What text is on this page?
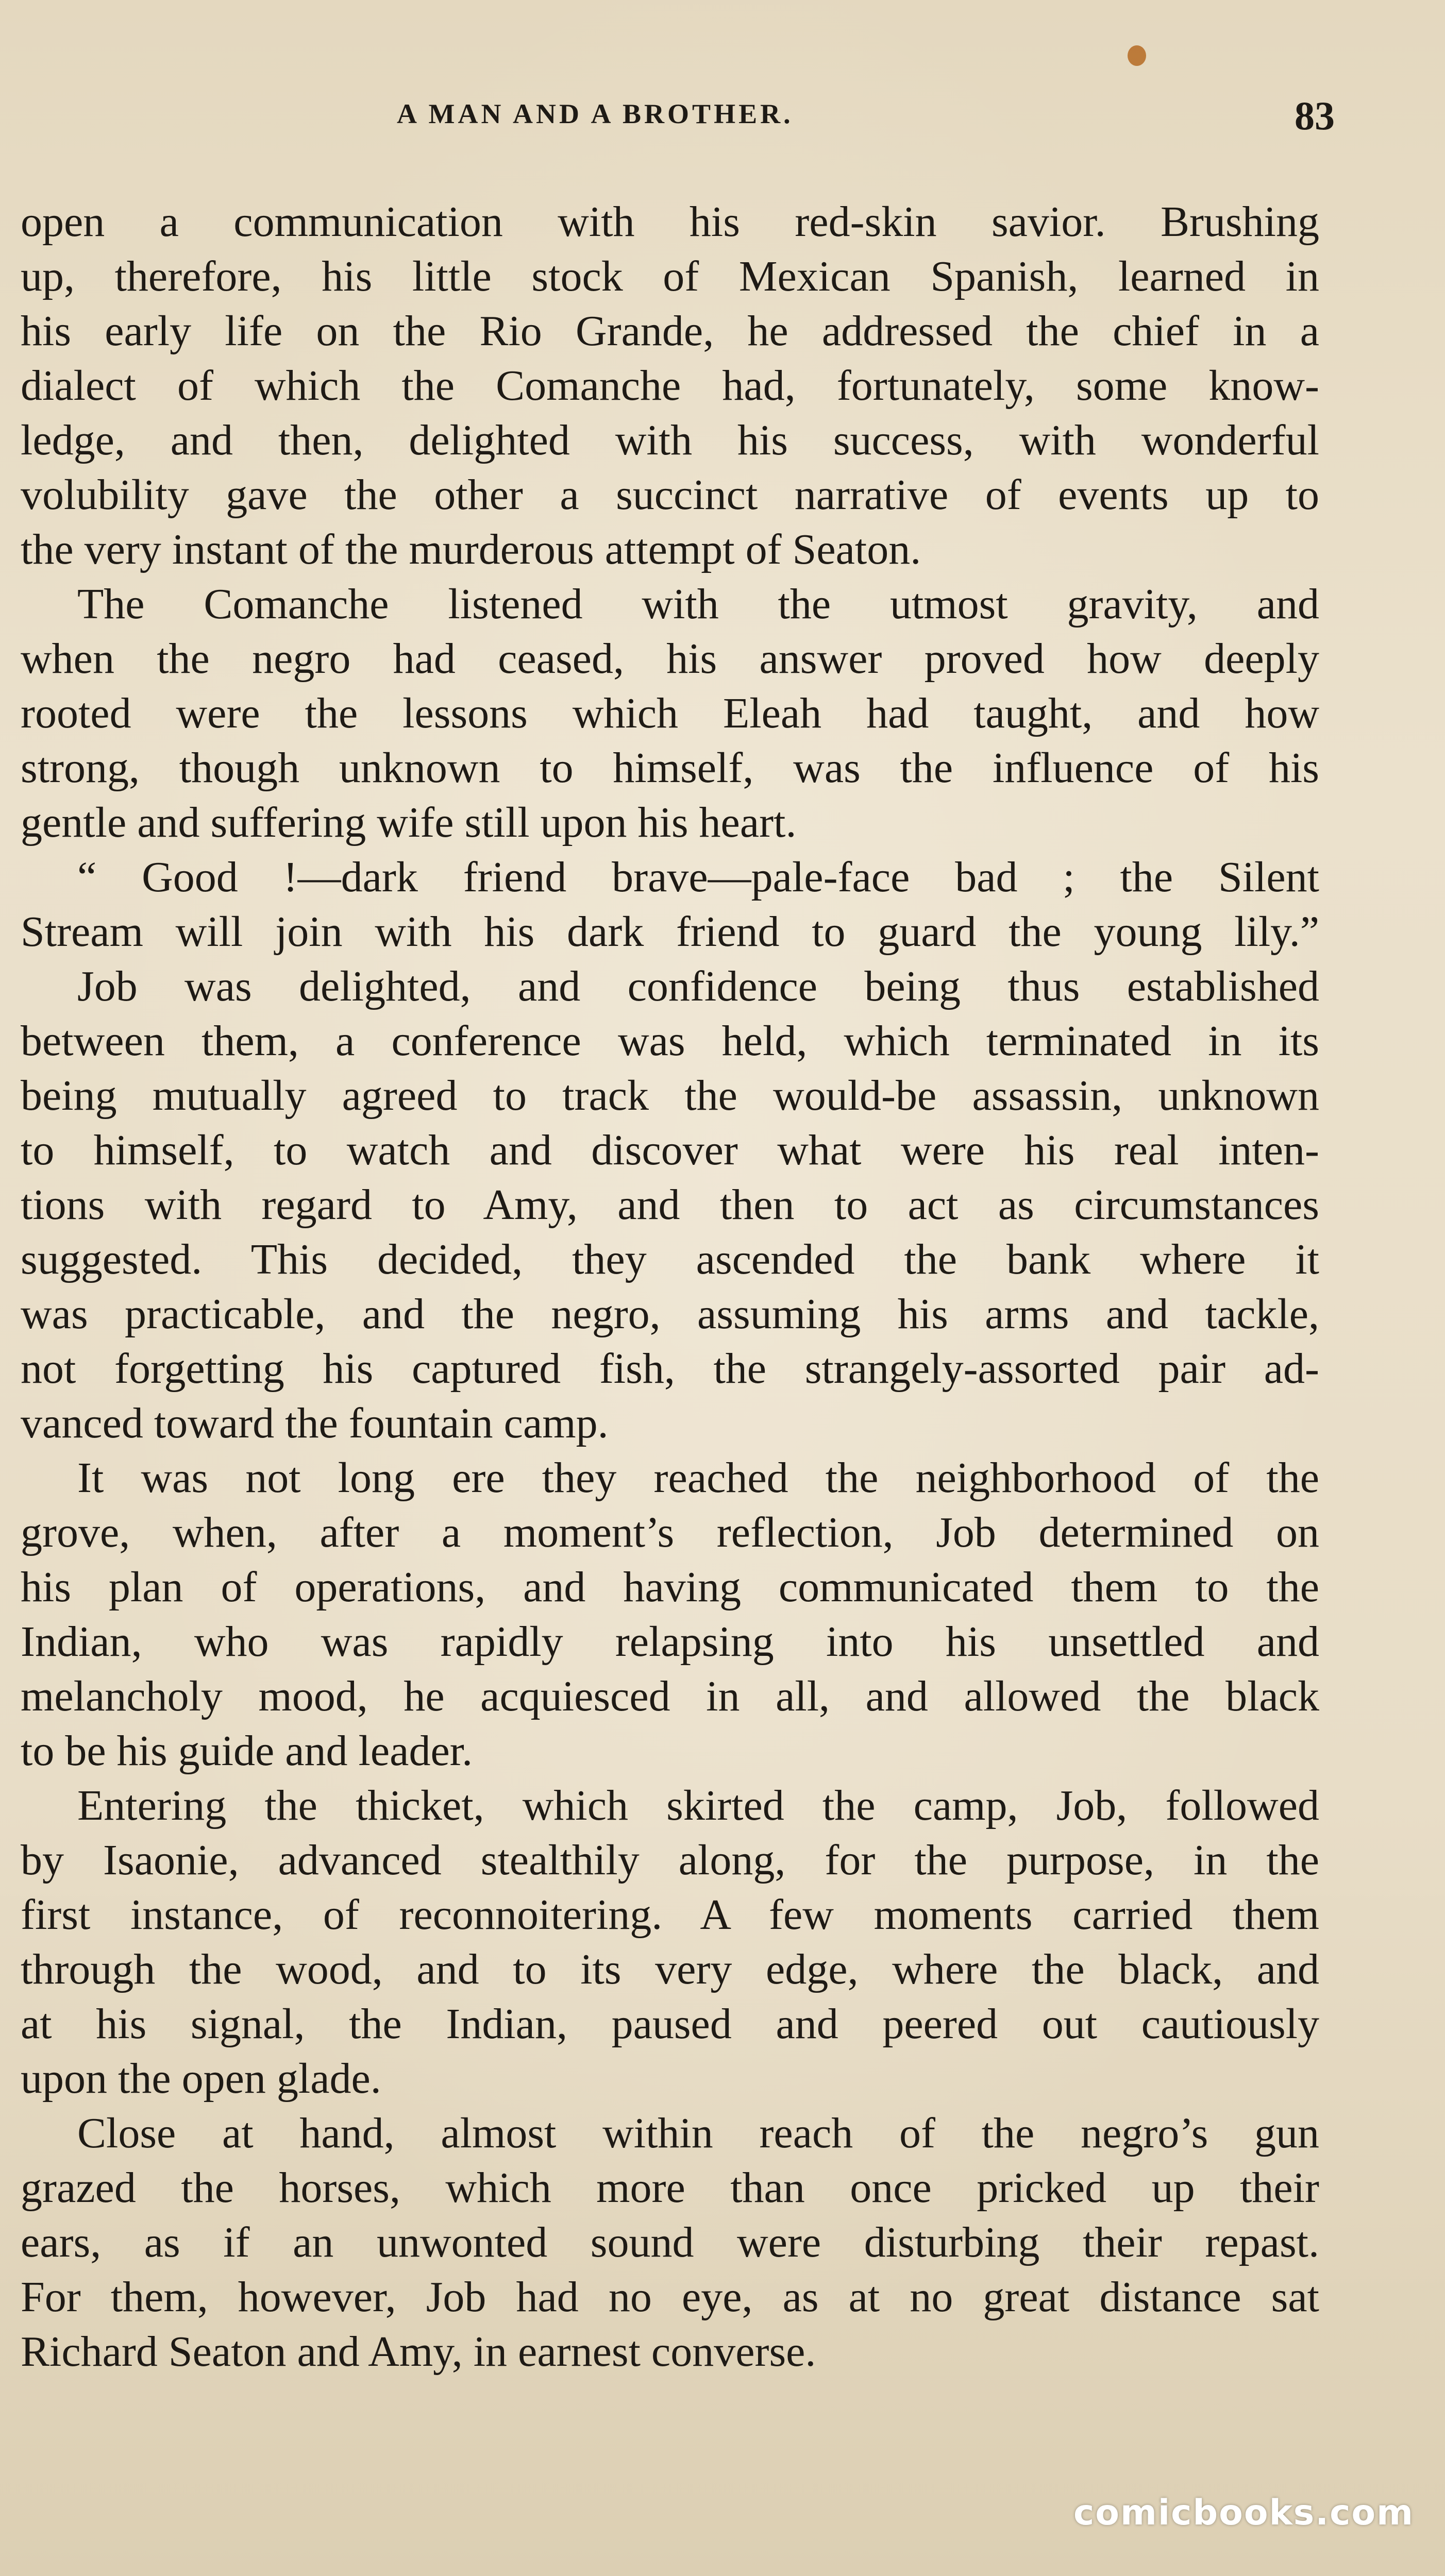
A MAN AND A BROTHER.	83
open a communication with his red-skin savior. Brushing
up, therefore, his little stock of Mexican Spanish, learned in
his early life on the Rio Grande, he addressed the chief in a
dialect of which the Comanche had, fortunately, some know-
ledge, and then, delighted with his success, with wonderful
volubility gave the other a succinct narrative of events up to
the very instant of the murderous attempt of Seaton.
The Comanche listened with the utmost gravity, and
when the negro had ceased, his answer proved how deeply
rooted were the lessons which Eleah had taught, and how
strong, though unknown to himself, was the influence of his
gentle and suffering wife still upon his heart.
“ Good !—dark friend brave—pale-face bad ; the Silent
Stream will join with his dark friend to guard the young lily.”
Job was delighted, and confidence being thus established
between them, a conference was held, which terminated in its
being mutually agreed to track the would-be assassin, unknown
to himself, to watch and discover what were his real inten-
tions with regard to Amy, and then to act as circumstances
suggested. This decided, they ascended the bank where it
was practicable, and the negro, assuming his arms and tackle,
not forgetting his captured fish, the strangely-assorted pair ad-
vanced toward the fountain camp.
It was not long ere they reached the neighborhood of the
grove, when, after a moment’s reflection, Job determined on
his plan of operations, and having communicated them to the
Indian, who was rapidly relapsing into his unsettled and
melancholy mood, he acquiesced in all, and allowed the black
to be his guide and leader.
Entering the thicket, which skirted the camp, Job, followed
by Isaonie, advanced stealthily along, for the purpose, in the
first instance, of reconnoitering. A few moments carried them
through the wood, and to its very edge, where the black, and
at his signal, the Indian, paused and peered out cautiously
upon the open glade.
Close at hand, almost within reach of the negro’s gun
grazed the horses, which more than once pricked up their
ears, as if an unwonted sound were disturbing their repast.
For them, however, Job had no eye, as at no great distance sat
Richard Seaton and Amy, in earnest converse.
comicbooks.com
